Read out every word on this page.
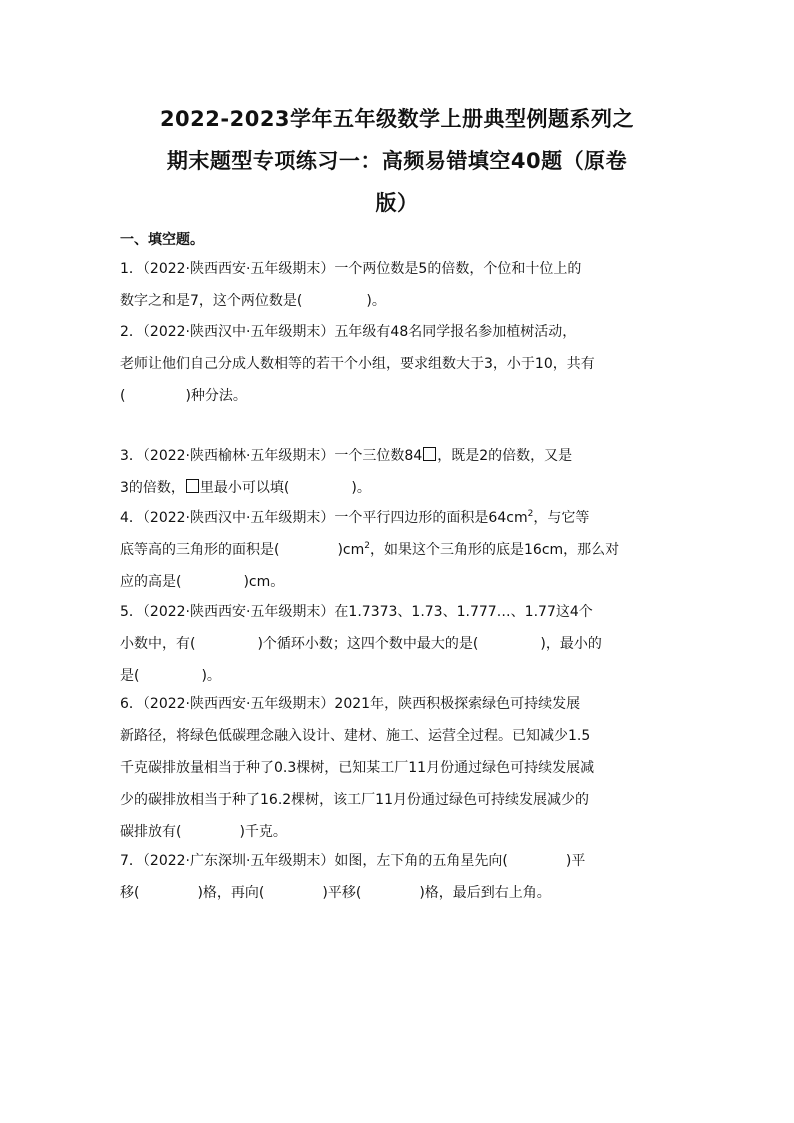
2022-2023学年五年级数学上册典型例题系列之
期末题型专项练习一：高频易错填空40题（原卷
版）
一、填空题。
1．（2022·陕西西安·五年级期末）一个两位数是5的倍数，个位和十位上的
数字之和是7，这个两位数是(	)。
2．（2022·陕西汉中·五年级期末）五年级有48名同学报名参加植树活动，
老师让他们自己分成人数相等的若干个小组，要求组数大于3，小于10，共有
(	)种分法。
3．（2022·陕西榆林·五年级期末）一个三位数84 ，既是2的倍数，又是
3的倍数， 里最小可以填(	)。
4．（2022·陕西汉中·五年级期末）一个平行四边形的面积是$64cm^2$，与它等
底等高的三角形的面积是(	)$cm^2$，如果这个三角形的底是16cm，那么对
应的高是(	)cm。
5．（2022·陕西西安·五年级期末）在1.7373、1.73、1.777…、1.77这4个
小数中，有(	)个循环小数；这四个数中最大的是(	)，最小的
是(	)。
6．（2022·陕西西安·五年级期末）2021年，陕西积极探索绿色可持续发展
新路径，将绿色低碳理念融入设计、建材、施工、运营全过程。已知减少1.5
千克碳排放量相当于种了0.3棵树，已知某工厂11月份通过绿色可持续发展减
少的碳排放相当于种了16.2棵树，该工厂11月份通过绿色可持续发展减少的
碳排放有(	)千克。
7．（2022·广东深圳·五年级期末）如图，左下角的五角星先向(	)平
移(	)格，再向(	)平移(	)格，最后到右上角。
